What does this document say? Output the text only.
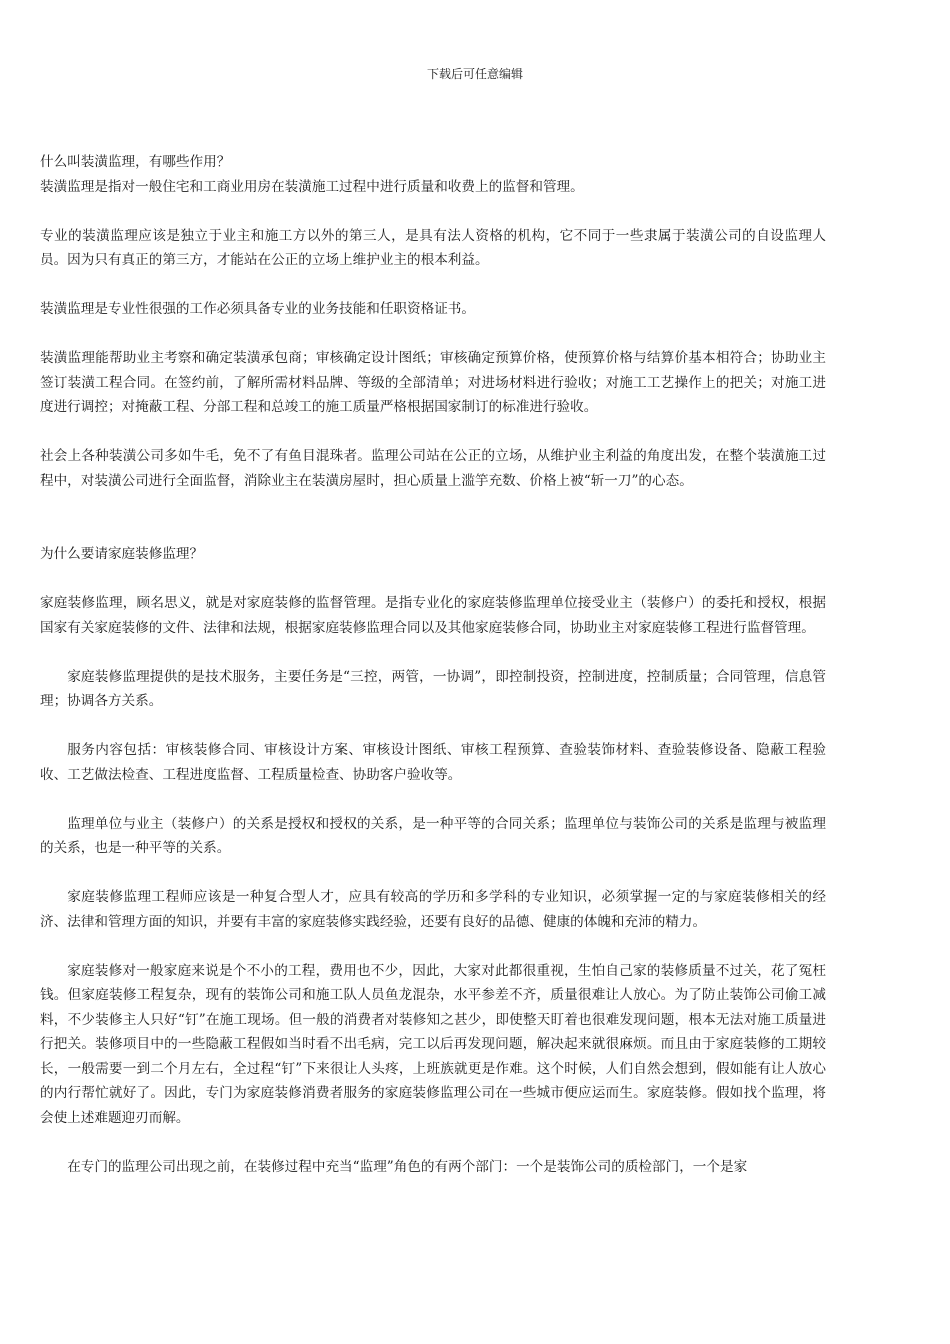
下载后可任意编辑

什么叫装潢监理，有哪些作用？

装潢监理是指对一般住宅和工商业用房在装潢施工过程中进行质量和收费上的监督和管理。

专业的装潢监理应该是独立于业主和施工方以外的第三人，是具有法人资格的机构，它不同于一些隶属于装潢公司的自设监理人员。因为只有真正的第三方，才能站在公正的立场上维护业主的根本利益。

装潢监理是专业性很强的工作必须具备专业的业务技能和任职资格证书。

装潢监理能帮助业主考察和确定装潢承包商；审核确定设计图纸；审核确定预算价格，使预算价格与结算价基本相符合；协助业主签订装潢工程合同。在签约前，了解所需材料品牌、等级的全部清单；对进场材料进行验收；对施工工艺操作上的把关；对施工进度进行调控；对掩蔽工程、分部工程和总竣工的施工质量严格根据国家制订的标准进行验收。

社会上各种装潢公司多如牛毛，免不了有鱼目混珠者。监理公司站在公正的立场，从维护业主利益的角度出发，在整个装潢施工过程中，对装潢公司进行全面监督，消除业主在装潢房屋时，担心质量上滥竽充数、价格上被“斩一刀”的心态。

为什么要请家庭装修监理？

家庭装修监理，顾名思义，就是对家庭装修的监督管理。是指专业化的家庭装修监理单位接受业主（装修户）的委托和授权，根据国家有关家庭装修的文件、法律和法规，根据家庭装修监理合同以及其他家庭装修合同，协助业主对家庭装修工程进行监督管理。

家庭装修监理提供的是技术服务，主要任务是“三控，两管，一协调”，即控制投资，控制进度，控制质量；合同管理，信息管理；协调各方关系。

服务内容包括：审核装修合同、审核设计方案、审核设计图纸、审核工程预算、查验装饰材料、查验装修设备、隐蔽工程验收、工艺做法检查、工程进度监督、工程质量检查、协助客户验收等。

监理单位与业主（装修户）的关系是授权和授权的关系，是一种平等的合同关系；监理单位与装饰公司的关系是监理与被监理的关系，也是一种平等的关系。

家庭装修监理工程师应该是一种复合型人才，应具有较高的学历和多学科的专业知识，必须掌握一定的与家庭装修相关的经济、法律和管理方面的知识，并要有丰富的家庭装修实践经验，还要有良好的品德、健康的体魄和充沛的精力。

家庭装修对一般家庭来说是个不小的工程，费用也不少，因此，大家对此都很重视，生怕自己家的装修质量不过关，花了冤枉钱。但家庭装修工程复杂，现有的装饰公司和施工队人员鱼龙混杂，水平参差不齐，质量很难让人放心。为了防止装饰公司偷工减料，不少装修主人只好“钉”在施工现场。但一般的消费者对装修知之甚少，即使整天盯着也很难发现问题，根本无法对施工质量进行把关。装修项目中的一些隐蔽工程假如当时看不出毛病，完工以后再发现问题，解决起来就很麻烦。而且由于家庭装修的工期较长，一般需要一到二个月左右，全过程“钉”下来很让人头疼，上班族就更是作难。这个时候，人们自然会想到，假如能有让人放心的内行帮忙就好了。因此，专门为家庭装修消费者服务的家庭装修监理公司在一些城市便应运而生。家庭装修。假如找个监理，将会使上述难题迎刃而解。

在专门的监理公司出现之前，在装修过程中充当“监理”角色的有两个部门：一个是装饰公司的质检部门，一个是家
